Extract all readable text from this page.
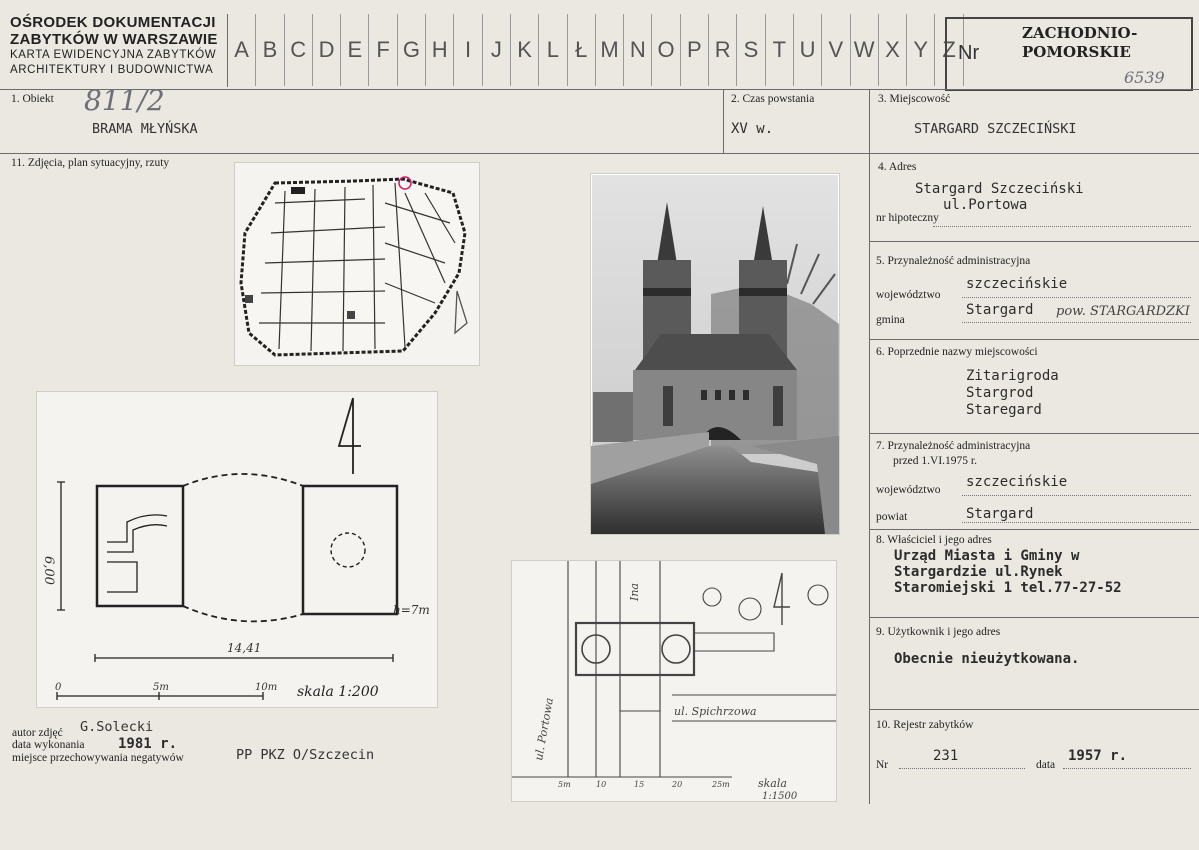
OŚRODEK DOKUMENTACJI
ZABYTKÓW W WARSZAWIE
KARTA EWIDENCYJNA ZABYTKÓW
ARCHITEKTURY I BUDOWNICTWA
A B C D E F G H I J K L Ł M N O P R S T U V W X Y Z Nr
ZACHODNIO-
POMORSKIE
6539
1. Obiekt 811/2
BRAMA MŁYŃSKA
2. Czas powstania
XV w.
3. Miejscowość
STARGARD SZCZECIŃSKI
11. Zdjęcia, plan sytuacyjny, rzuty	4. Adres
Stargard Szczeciński
ul.Portowa
nr hipoteczny
5. Przynależność administracyjna
województwo
szczecińskie
gmina
Stargard pow. STARGARDZKI
6. Poprzednie nazwy miejscowości
Zitarigroda
Stargrod
Staregard
7. Przynależność administracyjna
przed 1.VI.1975 r.
województwo szczecińskie
powiat	Stargard
8. Właściciel i jego adres
Urząd Miasta i Gminy w
Stargardzie ul.Rynek
Staromiejski 1 tel.77-27-52
9. Użytkownik i jego adres
Obecnie nieużytkowana.
10. Rejestr zabytków
Nr
231
data
1957 r.
autor zdjęć G.Solecki
data wykonania 1981 r.
miejsce przechowywania negatywów	PP PKZ O/Szczecin
6,00
14,41
h=7m
0	5m	10m skala 1:200
ul. Portowa	ul. Spichrzowa
Ina
5m	10	15	20	25m	skala
1:1500
